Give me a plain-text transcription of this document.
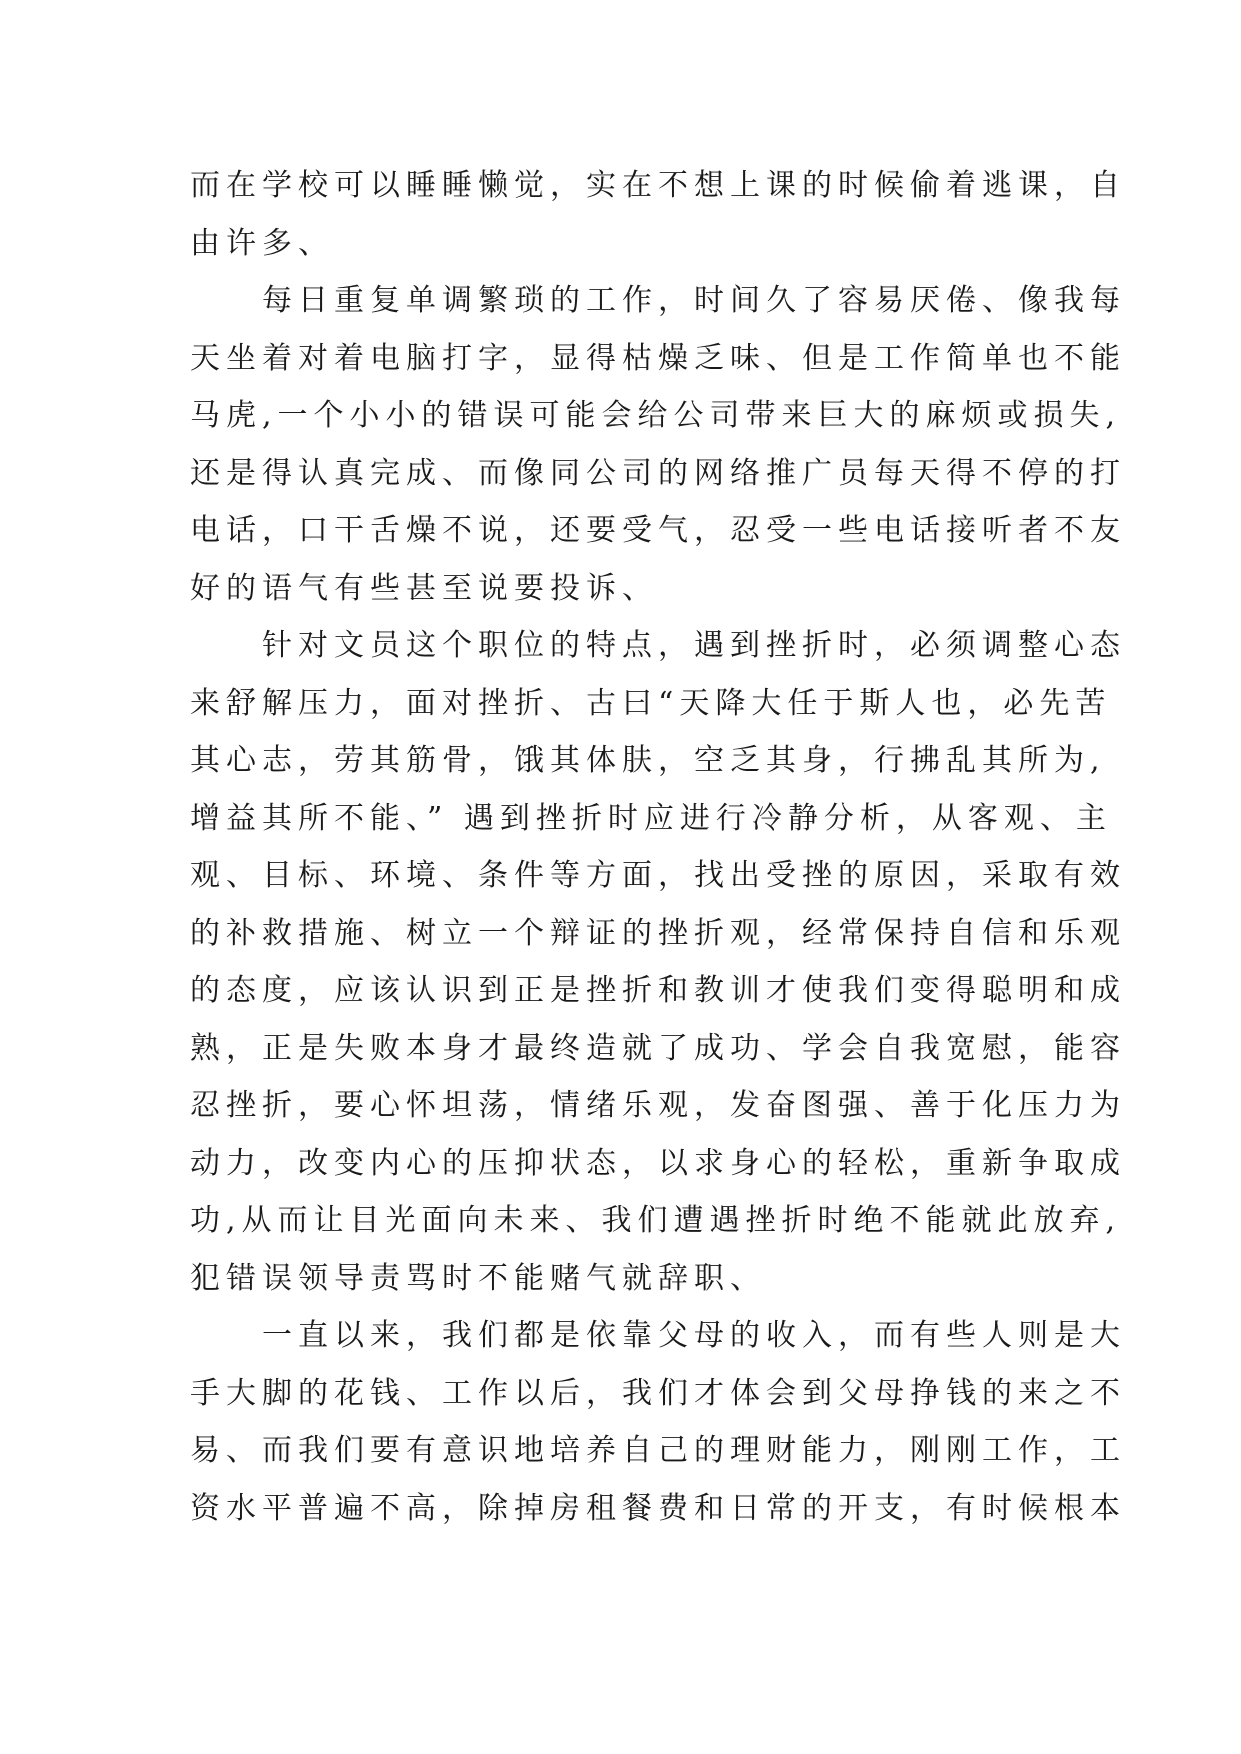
而在学校可以睡睡懒觉，实在不想上课的时候偷着逃课，自
由许多、
　　每日重复单调繁琐的工作，时间久了容易厌倦、像我每
天坐着对着电脑打字，显得枯燥乏味、但是工作简单也不能
马虎,一个小小的错误可能会给公司带来巨大的麻烦或损失,
还是得认真完成、而像同公司的网络推广员每天得不停的打
电话，口干舌燥不说，还要受气，忍受一些电话接听者不友
好的语气有些甚至说要投诉、
　　针对文员这个职位的特点，遇到挫折时，必须调整心态
来舒解压力，面对挫折、古曰“天降大任于斯人也，必先苦
其心志，劳其筋骨，饿其体肤，空乏其身，行拂乱其所为,
增益其所不能、” 遇到挫折时应进行冷静分析，从客观、主
观、目标、环境、条件等方面，找出受挫的原因，采取有效
的补救措施、树立一个辩证的挫折观，经常保持自信和乐观
的态度，应该认识到正是挫折和教训才使我们变得聪明和成
熟，正是失败本身才最终造就了成功、学会自我宽慰，能容
忍挫折，要心怀坦荡，情绪乐观，发奋图强、善于化压力为
动力，改变内心的压抑状态，以求身心的轻松，重新争取成
功,从而让目光面向未来、我们遭遇挫折时绝不能就此放弃,
犯错误领导责骂时不能赌气就辞职、
　　一直以来，我们都是依靠父母的收入，而有些人则是大
手大脚的花钱、工作以后，我们才体会到父母挣钱的来之不
易、而我们要有意识地培养自己的理财能力，刚刚工作，工
资水平普遍不高，除掉房租餐费和日常的开支，有时候根本
